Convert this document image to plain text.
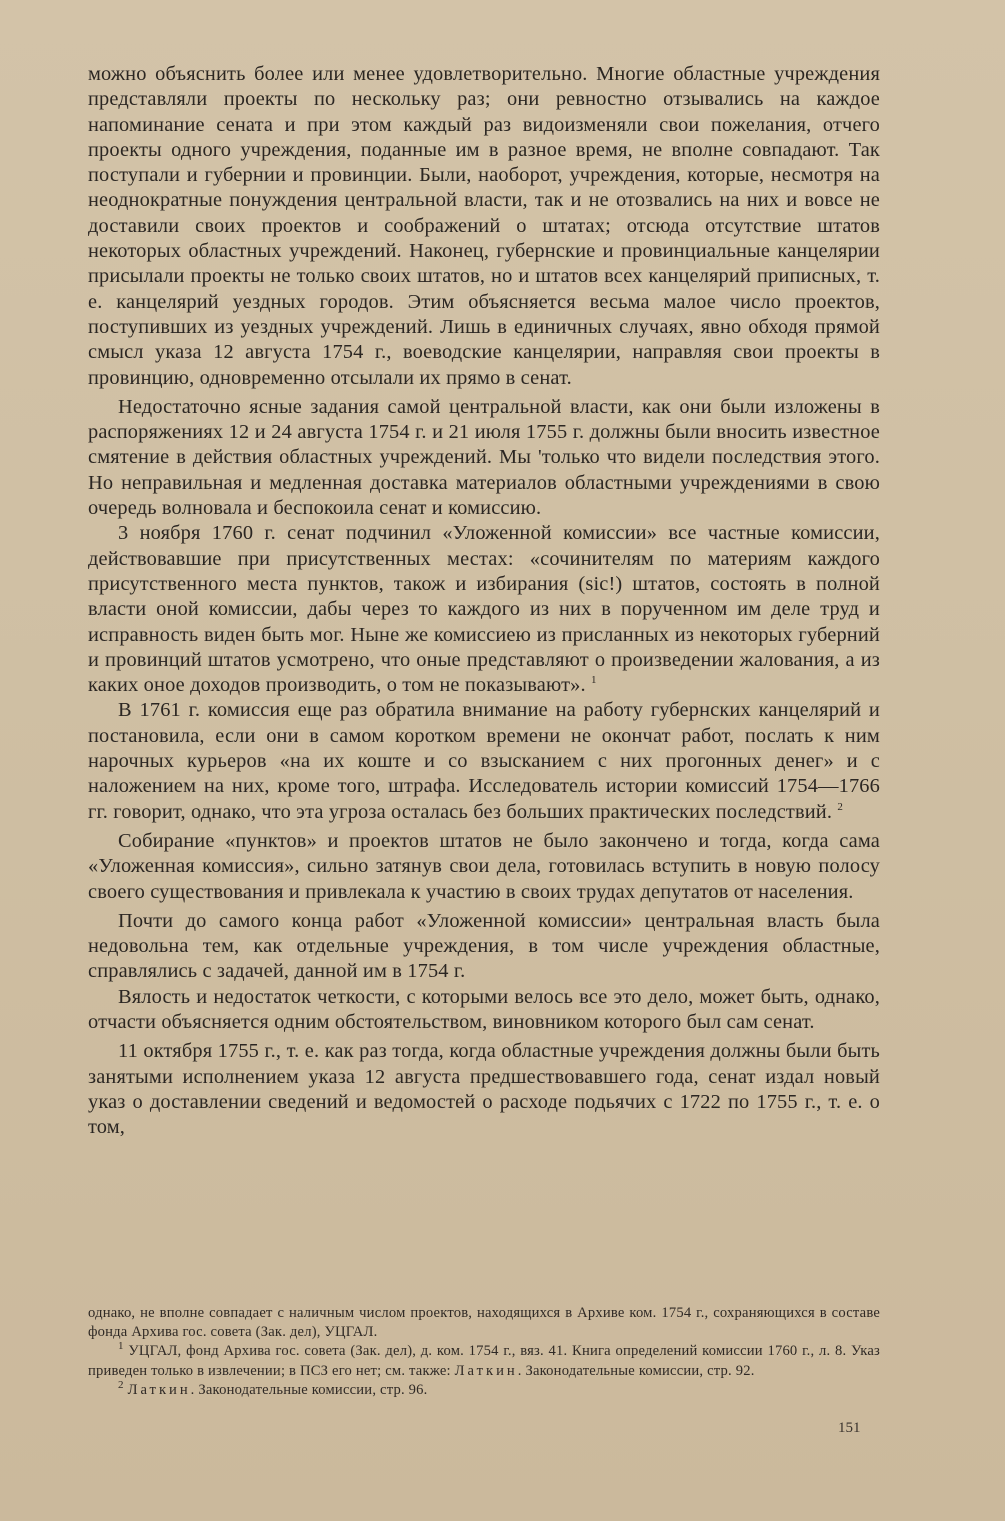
можно объяснить более или менее удовлетворительно. Многие областные учреждения представляли проекты по нескольку раз; они ревностно отзывались на каждое напоминание сената и при этом каждый раз видоизменяли свои пожелания, отчего проекты одного учреждения, поданные им в разное время, не вполне совпадают. Так поступали и губернии и провинции. Были, наоборот, учреждения, которые, несмотря на неоднократные понуждения центральной власти, так и не отозвались на них и вовсе не доставили своих проектов и соображений о штатах; отсюда отсутствие штатов некоторых областных учреждений. Наконец, губернские и провинциальные канцелярии присылали проекты не только своих штатов, но и штатов всех канцелярий приписных, т. е. канцелярий уездных городов. Этим объясняется весьма малое число проектов, поступивших из уездных учреждений. Лишь в единичных случаях, явно обходя прямой смысл указа 12 августа 1754 г., воеводские канцелярии, направляя свои проекты в провинцию, одновременно отсылали их прямо в сенат.

Недостаточно ясные задания самой центральной власти, как они были изложены в распоряжениях 12 и 24 августа 1754 г. и 21 июля 1755 г. должны были вносить известное смятение в действия областных учреждений. Мы 'только что видели последствия этого. Но неправильная и медленная доставка материалов областными учреждениями в свою очередь волновала и беспокоила сенат и комиссию.

3 ноября 1760 г. сенат подчинил «Уложенной комиссии» все частные комиссии, действовавшие при присутственных местах: «сочинителям по материям каждого присутственного места пунктов, також и избирания (sic!) штатов, состоять в полной власти оной комиссии, дабы через то каждого из них в порученном им деле труд и исправность виден быть мог. Ныне же комиссиею из присланных из некоторых губерний и провинций штатов усмотрено, что оные представляют о произведении жалования, а из каких оное доходов производить, о том не показывают». $^1$

В 1761 г. комиссия еще раз обратила внимание на работу губернских канцелярий и постановила, если они в самом коротком времени не окончат работ, послать к ним нарочных курьеров «на их коште и со взысканием с них прогонных денег» и с наложением на них, кроме того, штрафа. Исследователь истории комиссий 1754—1766 гг. говорит, однако, что эта угроза осталась без больших практических последствий. $^2$

Собирание «пунктов» и проектов штатов не было закончено и тогда, когда сама «Уложенная комиссия», сильно затянув свои дела, готовилась вступить в новую полосу своего существования и привлекала к участию в своих трудах депутатов от населения.

Почти до самого конца работ «Уложенной комиссии» центральная власть была недовольна тем, как отдельные учреждения, в том числе учреждения областные, справлялись с задачей, данной им в 1754 г.

Вялость и недостаток четкости, с которыми велось все это дело, может быть, однако, отчасти объясняется одним обстоятельством, виновником которого был сам сенат.

11 октября 1755 г., т. е. как раз тогда, когда областные учреждения должны были быть занятыми исполнением указа 12 августа предшествовавшего года, сенат издал новый указ о доставлении сведений и ведомостей о расходе подьячих с 1722 по 1755 г., т. е. о том,

однако, не вполне совпадает с наличным числом проектов, находящихся в Архиве ком. 1754 г., сохраняющихся в составе фонда Архива гос. совета (Зак. дел), УЦГАЛ.

$^1$ УЦГАЛ, фонд Архива гос. совета (Зак. дел), д. ком. 1754 г., вяз. 41. Книга определений комиссии 1760 г., л. 8. Указ приведен только в извлечении; в ПСЗ его нет; см. также: Латкин. Законодательные комиссии, стр. 92.

$^2$ Латкин. Законодательные комиссии, стр. 96.

151
